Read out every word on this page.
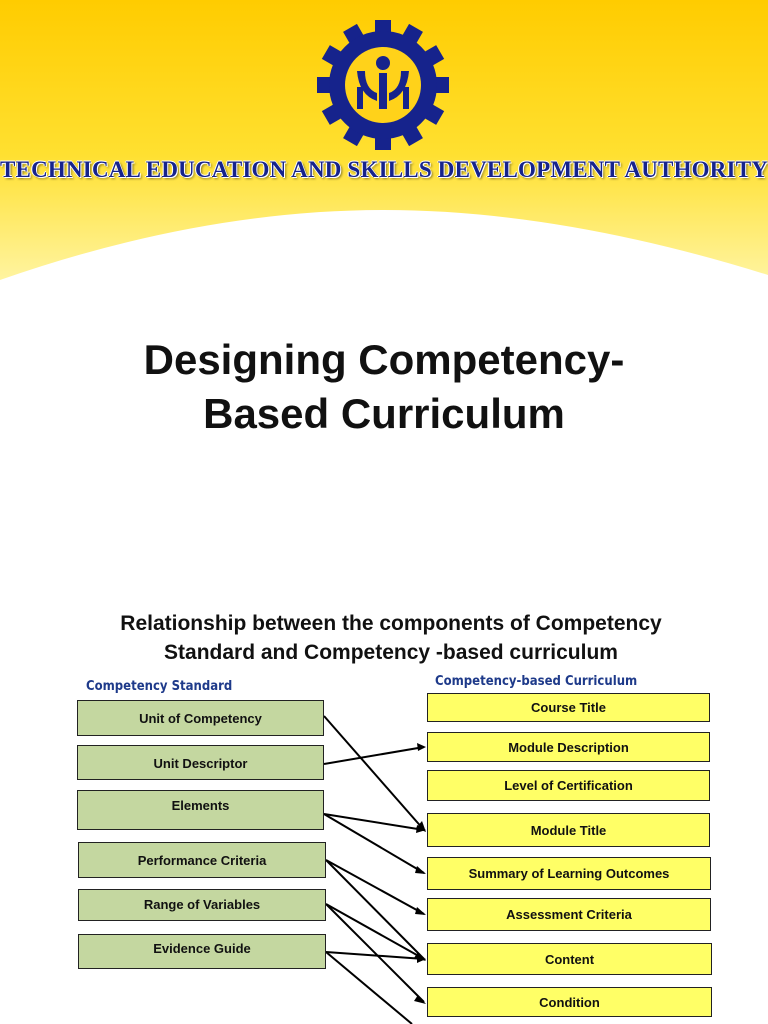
TECHNICAL EDUCATION AND SKILLS DEVELOPMENT AUTHORITY
Designing Competency-
Based Curriculum
Relationship between the components of Competency
Standard and Competency -based curriculum
Competency Standard	Competency-based Curriculum
Unit of Competency
Unit Descriptor
Elements
Performance Criteria
Range of Variables
Evidence Guide
Course Title
Module Description
Level of Certification
Module Title
Summary of Learning Outcomes
Assessment Criteria
Content
Condition
